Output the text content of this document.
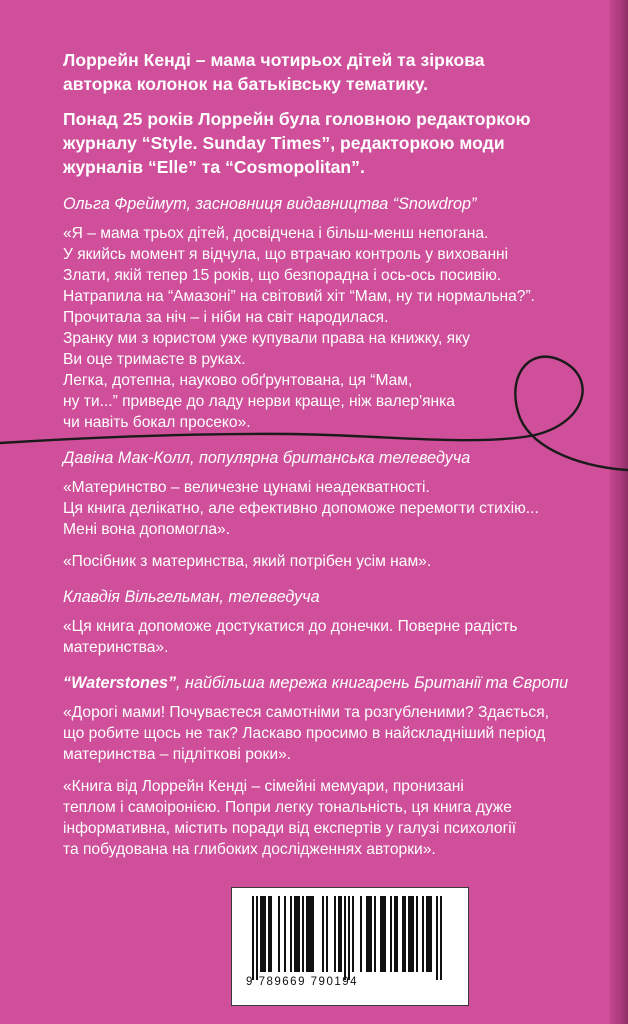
Лоррейн Кенді – мама чотирьох дітей та зіркова
авторка колонок на батьківську тематику.

Понад 25 років Лоррейн була головною редакторкою
журналу “Style. Sunday Times”, редакторкою моди
журналів “Elle” та “Cosmopolitan”.

Ольга Фреймут, засновниця видавництва “Snowdrop”

«Я – мама трьох дітей, досвідчена і більш-менш непогана.
У якийсь момент я відчула, що втрачаю контроль у вихованні
Злати, якій тепер 15 років, що безпорадна і ось-ось посивію.
Натрапила на “Амазоні” на світовий хіт “Мам, ну ти нормальна?”.
Прочитала за ніч – і ніби на світ народилася.
Зранку ми з юристом уже купували права на книжку, яку
Ви оце тримаєте в руках.
Легка, дотепна, науково обґрунтована, ця “Мам,
ну ти...” приведе до ладу нерви краще, ніж валер'янка
чи навіть бокал просеко».

Давіна Мак-Колл, популярна британська телеведуча

«Материнство – величезне цунамі неадекватності.
Ця книга делікатно, але ефективно допоможе перемогти стихію...
Мені вона допомогла».

«Посібник з материнства, який потрібен усім нам».

Клавдія Вільгельман, телеведуча

«Ця книга допоможе достукатися до донечки. Поверне радість
материнства».

“Waterstones”, найбільша мережа книгарень Британії та Європи

«Дорогі мами! Почуваєтеся самотніми та розгубленими? Здається,
що робите щось не так? Ласкаво просимо в найскладніший період
материнства – підліткові роки».

«Книга від Лоррейн Кенді – сімейні мемуари, пронизані
теплом і самоіронією. Попри легку тональність, ця книга дуже
інформативна, містить поради від експертів у галузі психології
та побудована на глибоких дослідженнях авторки».

9 789669 790194
